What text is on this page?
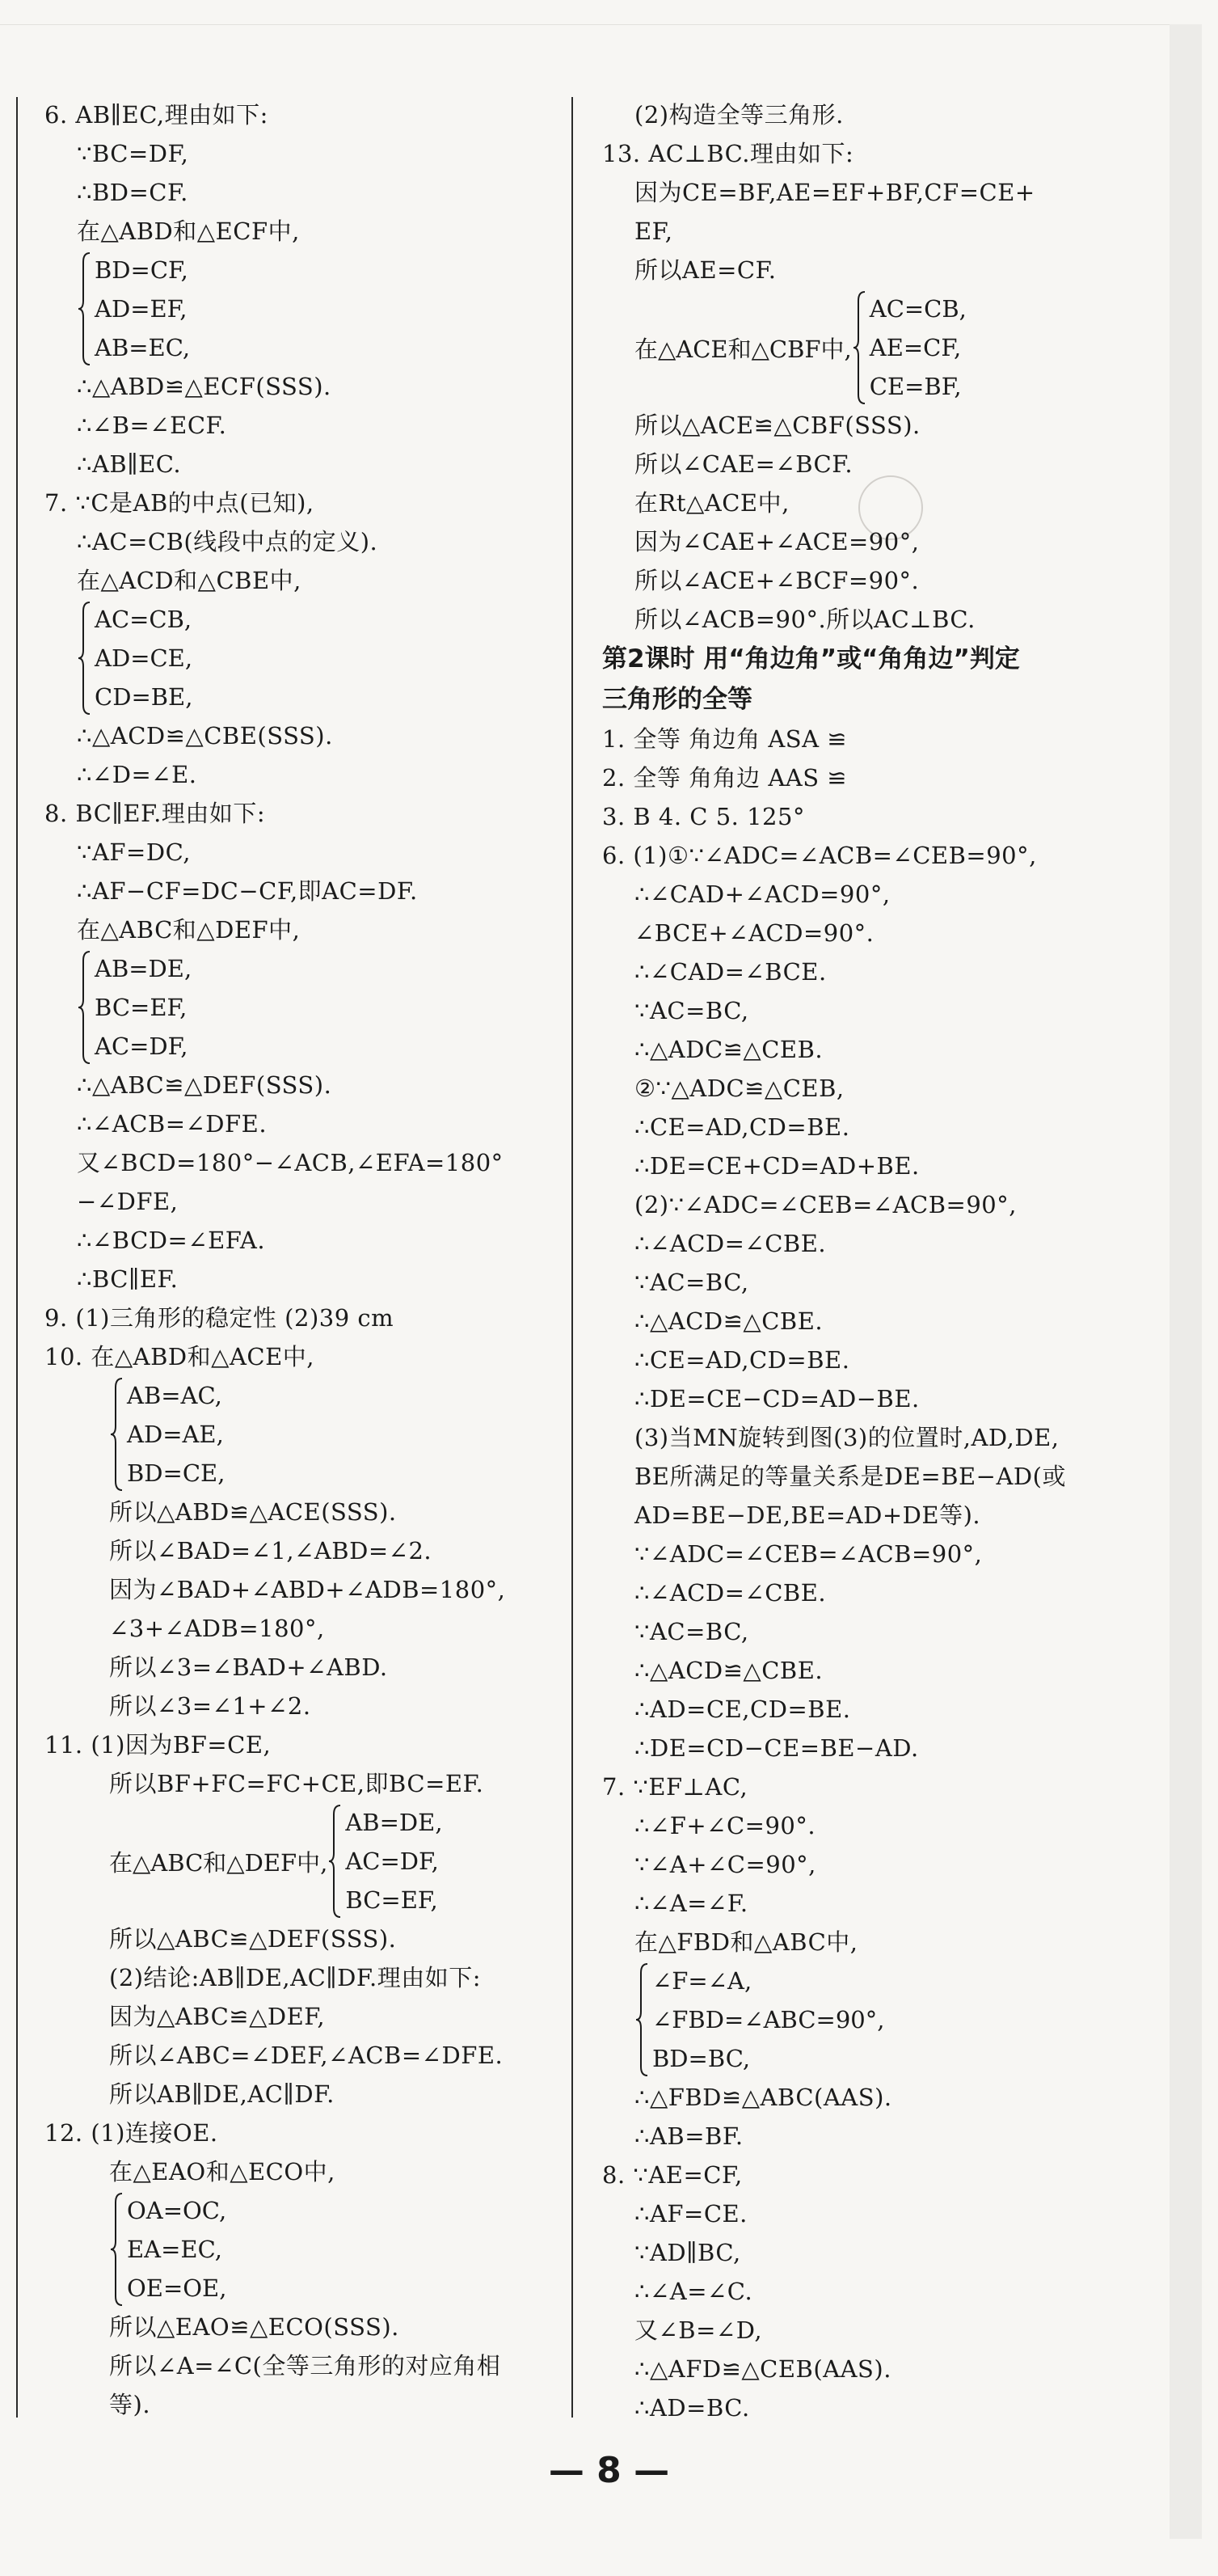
6. AB∥EC,理由如下:
∵BC=DF,
∴BD=CF.
在△ABD和△ECF中,
BD=CF,
AD=EF,
AB=EC,
∴△ABD≌△ECF(SSS).
∴∠B=∠ECF.
∴AB∥EC.
7. ∵C是AB的中点(已知),
∴AC=CB(线段中点的定义).
在△ACD和△CBE中,
AC=CB,
AD=CE,
CD=BE,
∴△ACD≌△CBE(SSS).
∴∠D=∠E.
8. BC∥EF.理由如下:
∵AF=DC,
∴AF−CF=DC−CF,即AC=DF.
在△ABC和△DEF中,
AB=DE,
BC=EF,
AC=DF,
∴△ABC≌△DEF(SSS).
∴∠ACB=∠DFE.
又∠BCD=180°−∠ACB,∠EFA=180°
−∠DFE,
∴∠BCD=∠EFA.
∴BC∥EF.
9. (1)三角形的稳定性 (2)39 cm
10. 在△ABD和△ACE中,
AB=AC,
AD=AE,
BD=CE,
所以△ABD≌△ACE(SSS).
所以∠BAD=∠1,∠ABD=∠2.
因为∠BAD+∠ABD+∠ADB=180°,
∠3+∠ADB=180°,
所以∠3=∠BAD+∠ABD.
所以∠3=∠1+∠2.
11. (1)因为BF=CE,
所以BF+FC=FC+CE,即BC=EF.
在△ABC和△DEF中,
AB=DE,
AC=DF,
BC=EF,
所以△ABC≌△DEF(SSS).
(2)结论:AB∥DE,AC∥DF.理由如下:
因为△ABC≌△DEF,
所以∠ABC=∠DEF,∠ACB=∠DFE.
所以AB∥DE,AC∥DF.
12. (1)连接OE.
在△EAO和△ECO中,
OA=OC,
EA=EC,
OE=OE,
所以△EAO≌△ECO(SSS).
所以∠A=∠C(全等三角形的对应角相
等).
(2)构造全等三角形.
13. AC⊥BC.理由如下:
因为CE=BF,AE=EF+BF,CF=CE+
EF,
所以AE=CF.
在△ACE和△CBF中,
AC=CB,
AE=CF,
CE=BF,
所以△ACE≌△CBF(SSS).
所以∠CAE=∠BCF.
在Rt△ACE中,
因为∠CAE+∠ACE=90°,
所以∠ACE+∠BCF=90°.
所以∠ACB=90°.所以AC⊥BC.
第2课时 用“角边角”或“角角边”判定
三角形的全等
1. 全等 角边角 ASA ≌
2. 全等 角角边 AAS ≌
3. B 4. C 5. 125°
6. (1)①∵∠ADC=∠ACB=∠CEB=90°,
∴∠CAD+∠ACD=90°,
∠BCE+∠ACD=90°.
∴∠CAD=∠BCE.
∵AC=BC,
∴△ADC≌△CEB.
②∵△ADC≌△CEB,
∴CE=AD,CD=BE.
∴DE=CE+CD=AD+BE.
(2)∵∠ADC=∠CEB=∠ACB=90°,
∴∠ACD=∠CBE.
∵AC=BC,
∴△ACD≌△CBE.
∴CE=AD,CD=BE.
∴DE=CE−CD=AD−BE.
(3)当MN旋转到图(3)的位置时,AD,DE,
BE所满足的等量关系是DE=BE−AD(或
AD=BE−DE,BE=AD+DE等).
∵∠ADC=∠CEB=∠ACB=90°,
∴∠ACD=∠CBE.
∵AC=BC,
∴△ACD≌△CBE.
∴AD=CE,CD=BE.
∴DE=CD−CE=BE−AD.
7. ∵EF⊥AC,
∴∠F+∠C=90°.
∵∠A+∠C=90°,
∴∠A=∠F.
在△FBD和△ABC中,
∠F=∠A,
∠FBD=∠ABC=90°,
BD=BC,
∴△FBD≌△ABC(AAS).
∴AB=BF.
8. ∵AE=CF,
∴AF=CE.
∵AD∥BC,
∴∠A=∠C.
又∠B=∠D,
∴△AFD≌△CEB(AAS).
∴AD=BC.
— 8 —
